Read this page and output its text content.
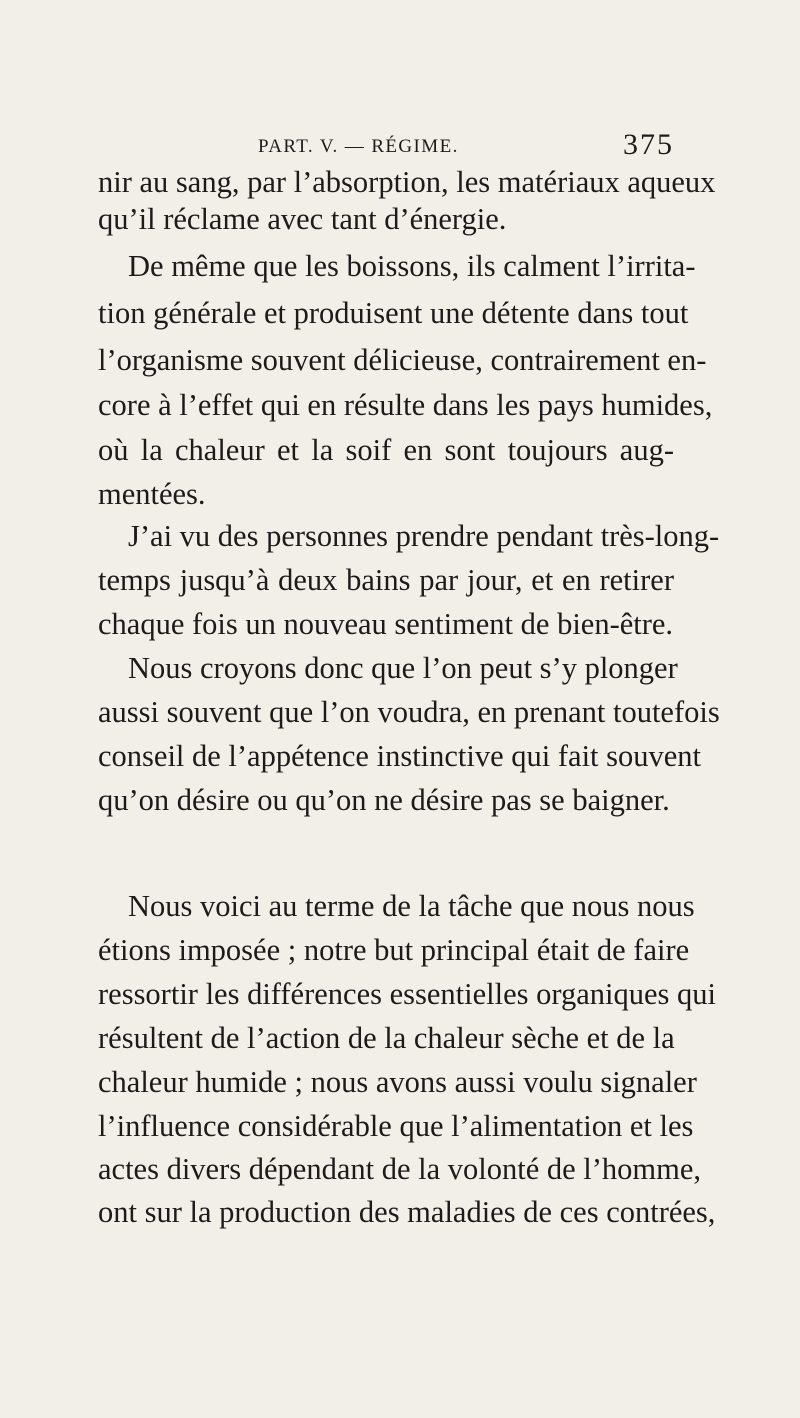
PART. V. — RÉGIME.	375
nir au sang, par l’absorption, les matériaux aqueux
qu’il réclame avec tant d’énergie.
De même que les boissons, ils calment l’irrita-
tion générale et produisent une détente dans tout
l’organisme souvent délicieuse, contrairement en-
core à l’effet qui en résulte dans les pays humides,
où la chaleur et la soif en sont toujours aug-
mentées.
J’ai vu des personnes prendre pendant très-long-
temps jusqu’à deux bains par jour, et en retirer
chaque fois un nouveau sentiment de bien-être.
Nous croyons donc que l’on peut s’y plonger
aussi souvent que l’on voudra, en prenant toutefois
conseil de l’appétence instinctive qui fait souvent
qu’on désire ou qu’on ne désire pas se baigner.
Nous voici au terme de la tâche que nous nous
étions imposée ; notre but principal était de faire
ressortir les différences essentielles organiques qui
résultent de l’action de la chaleur sèche et de la
chaleur humide ; nous avons aussi voulu signaler
l’influence considérable que l’alimentation et les
actes divers dépendant de la volonté de l’homme,
ont sur la production des maladies de ces contrées,
